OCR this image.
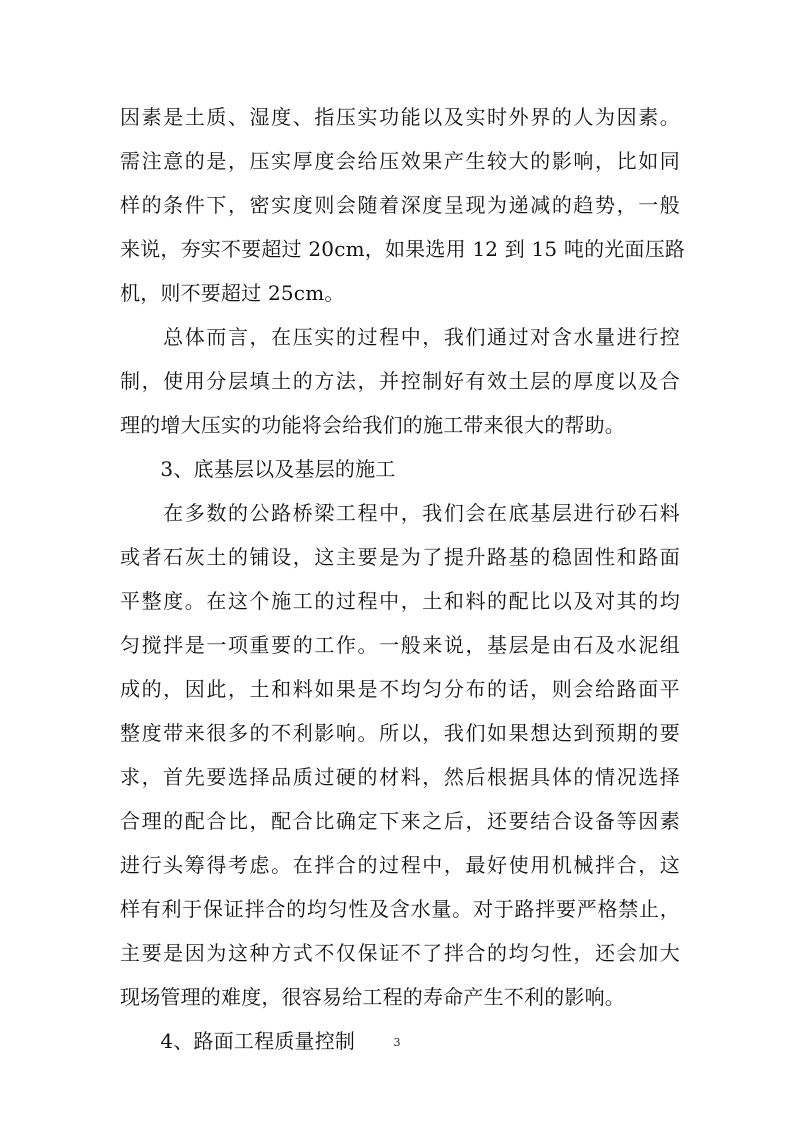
因素是土质、湿度、指压实功能以及实时外界的人为因素。
需注意的是，压实厚度会给压效果产生较大的影响，比如同
样的条件下，密实度则会随着深度呈现为递减的趋势，一般
来说，夯实不要超过 20cm，如果选用 12 到 15 吨的光面压路
机，则不要超过 25cm。
　　总体而言，在压实的过程中，我们通过对含水量进行控
制，使用分层填土的方法，并控制好有效土层的厚度以及合
理的增大压实的功能将会给我们的施工带来很大的帮助。
　　3、底基层以及基层的施工
　　在多数的公路桥梁工程中，我们会在底基层进行砂石料
或者石灰土的铺设，这主要是为了提升路基的稳固性和路面
平整度。在这个施工的过程中，土和料的配比以及对其的均
匀搅拌是一项重要的工作。一般来说，基层是由石及水泥组
成的，因此，土和料如果是不均匀分布的话，则会给路面平
整度带来很多的不利影响。所以，我们如果想达到预期的要
求，首先要选择品质过硬的材料，然后根据具体的情况选择
合理的配合比，配合比确定下来之后，还要结合设备等因素
进行头筹得考虑。在拌合的过程中，最好使用机械拌合，这
样有利于保证拌合的均匀性及含水量。对于路拌要严格禁止，
主要是因为这种方式不仅保证不了拌合的均匀性，还会加大
现场管理的难度，很容易给工程的寿命产生不利的影响。
　　4、路面工程质量控制	3
